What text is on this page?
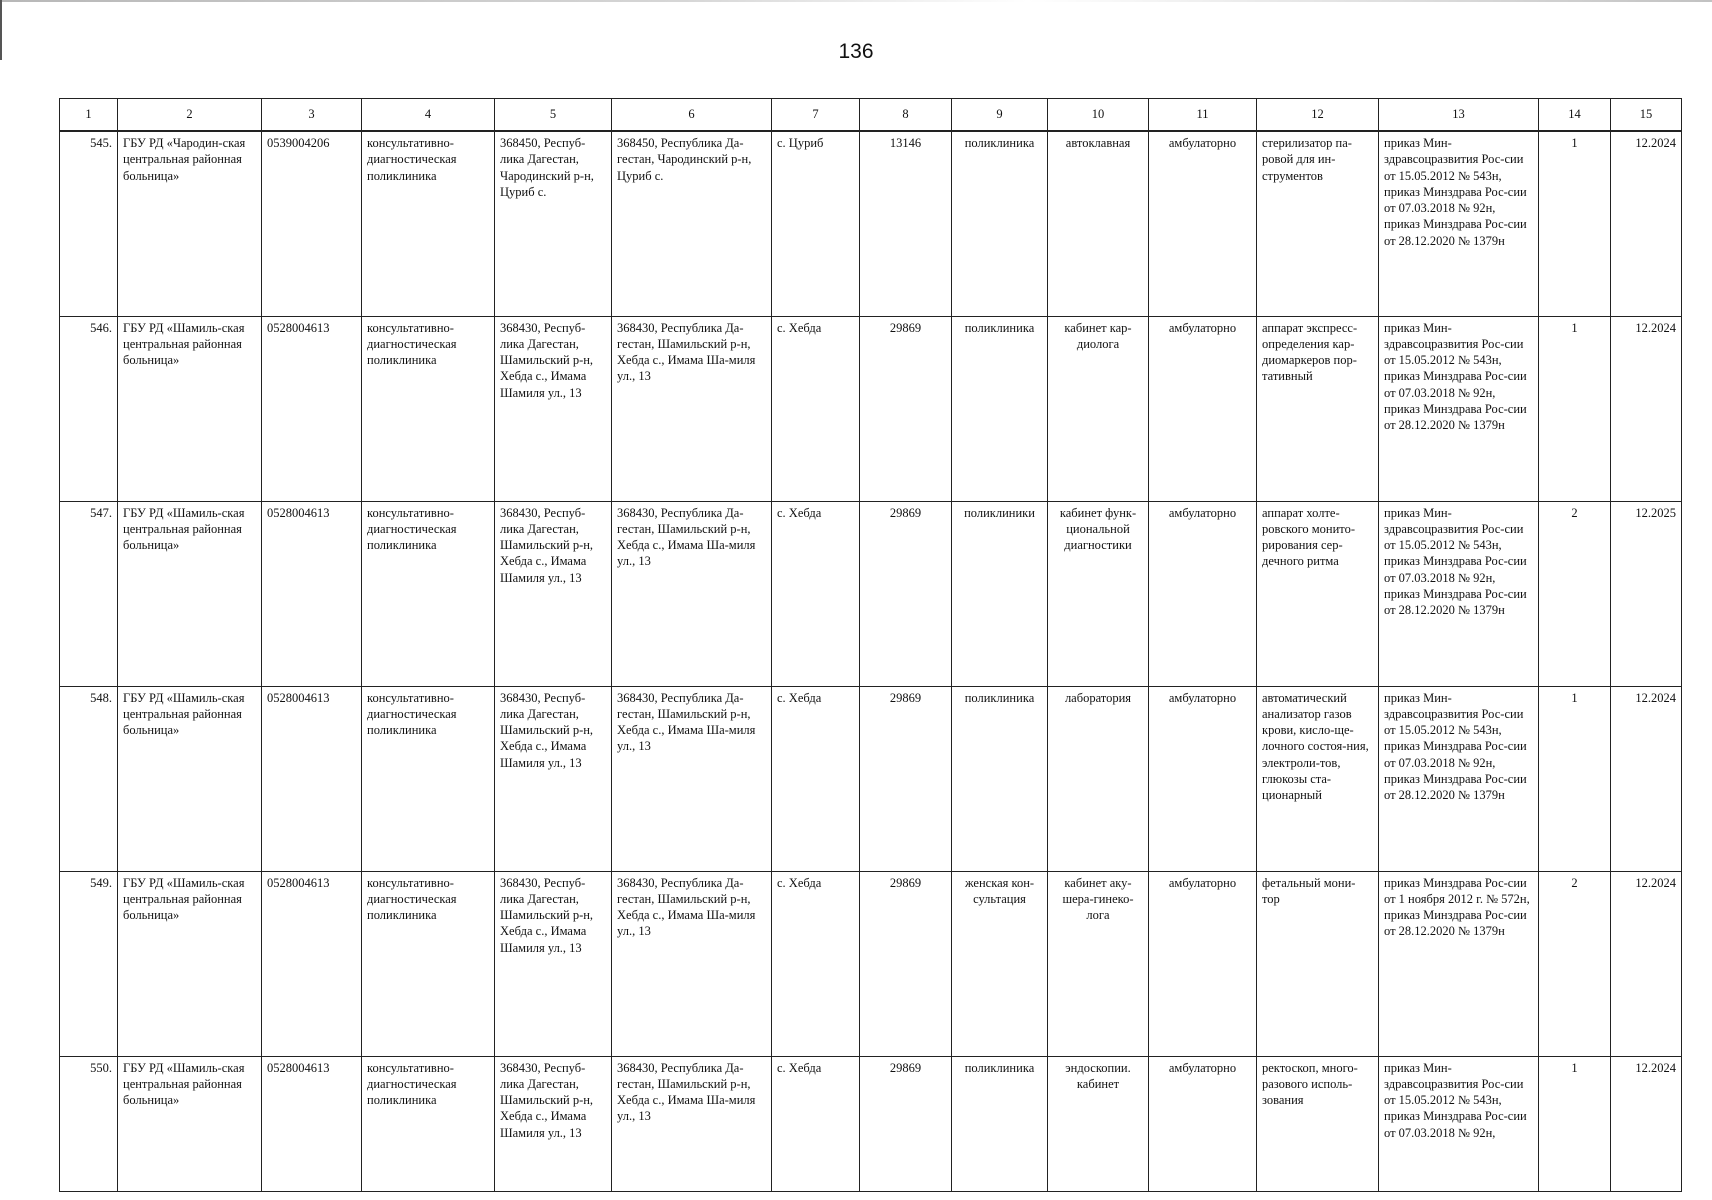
136
1	2	3	4	5	6	7	8	9	10	11	12	13	14	15
545.	ГБУ РД «Чародин-ская центральная районная больница»	0539004206	консультативно-диагностическая поликлиника	368450, Респуб-лика Дагестан, Чародинский р-н, Цуриб с.	368450, Республика Да-гестан, Чародинский р-н, Цуриб с.	с. Цуриб	13146	поликлиника	автоклавная	амбулаторно	стерилизатор па-ровой для ин-струментов	приказ Мин-здравсоцразвития Рос-сии от 15.05.2012 № 543н, приказ Минздрава Рос-сии от 07.03.2018 № 92н, приказ Минздрава Рос-сии от 28.12.2020 № 1379н	1	12.2024
546.	ГБУ РД «Шамиль-ская центральная районная больница»	0528004613	консультативно-диагностическая поликлиника	368430, Респуб-лика Дагестан, Шамильский р-н, Хебда с., Имама Шамиля ул., 13	368430, Республика Да-гестан, Шамильский р-н, Хебда с., Имама Ша-миля ул., 13	с. Хебда	29869	поликлиника	кабинет кар-диолога	амбулаторно	аппарат экспресс-определения кар-диомаркеров пор-тативный	приказ Мин-здравсоцразвития Рос-сии от 15.05.2012 № 543н, приказ Минздрава Рос-сии от 07.03.2018 № 92н, приказ Минздрава Рос-сии от 28.12.2020 № 1379н	1	12.2024
547.	ГБУ РД «Шамиль-ская центральная районная больница»	0528004613	консультативно-диагностическая поликлиника	368430, Респуб-лика Дагестан, Шамильский р-н, Хебда с., Имама Шамиля ул., 13	368430, Республика Да-гестан, Шамильский р-н, Хебда с., Имама Ша-миля ул., 13	с. Хебда	29869	поликлиники	кабинет функ-циональной диагностики	амбулаторно	аппарат холте-ровского монито-рирования сер-дечного ритма	приказ Мин-здравсоцразвития Рос-сии от 15.05.2012 № 543н, приказ Минздрава Рос-сии от 07.03.2018 № 92н, приказ Минздрава Рос-сии от 28.12.2020 № 1379н	2	12.2025
548.	ГБУ РД «Шамиль-ская центральная районная больница»	0528004613	консультативно-диагностическая поликлиника	368430, Респуб-лика Дагестан, Шамильский р-н, Хебда с., Имама Шамиля ул., 13	368430, Республика Да-гестан, Шамильский р-н, Хебда с., Имама Ша-миля ул., 13	с. Хебда	29869	поликлиника	лаборатория	амбулаторно	автоматический анализатор газов крови, кисло-ще-лочного состоя-ния, электроли-тов, глюкозы ста-ционарный	приказ Мин-здравсоцразвития Рос-сии от 15.05.2012 № 543н, приказ Минздрава Рос-сии от 07.03.2018 № 92н, приказ Минздрава Рос-сии от 28.12.2020 № 1379н	1	12.2024
549.	ГБУ РД «Шамиль-ская центральная районная больница»	0528004613	консультативно-диагностическая поликлиника	368430, Респуб-лика Дагестан, Шамильский р-н, Хебда с., Имама Шамиля ул., 13	368430, Республика Да-гестан, Шамильский р-н, Хебда с., Имама Ша-миля ул., 13	с. Хебда	29869	женская кон-сультация	кабинет аку-шера-гинеко-лога	амбулаторно	фетальный мони-тор	приказ Минздрава Рос-сии от 1 ноября 2012 г. № 572н, приказ Минздрава Рос-сии от 28.12.2020 № 1379н	2	12.2024
550.	ГБУ РД «Шамиль-ская центральная районная больница»	0528004613	консультативно-диагностическая поликлиника	368430, Респуб-лика Дагестан, Шамильский р-н, Хебда с., Имама Шамиля ул., 13	368430, Республика Да-гестан, Шамильский р-н, Хебда с., Имама Ша-миля ул., 13	с. Хебда	29869	поликлиника	эндоскопии. кабинет	амбулаторно	ректоскоп, много-разового исполь-зования	приказ Мин-здравсоцразвития Рос-сии от 15.05.2012 № 543н, приказ Минздрава Рос-сии от 07.03.2018 № 92н,	1	12.2024
